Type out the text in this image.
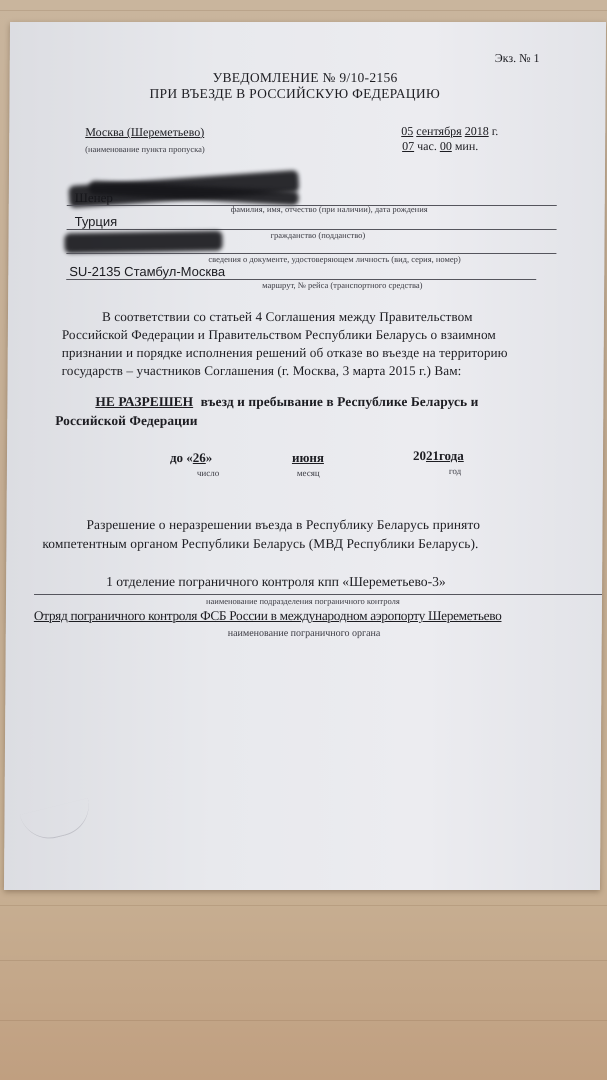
Экз. № 1
УВЕДОМЛЕНИЕ № 9/10-2156
ПРИ ВЪЕЗДЕ В РОССИЙСКУЮ ФЕДЕРАЦИЮ
Москва (Шереметьево)
(наименование пункта пропуска)
05 сентября 2018 г.
07 час. 00 мин.
фамилия, имя, отчество (при наличии), дата рождения
Турция
гражданство (подданство)
сведения о документе, удостоверяющем личность (вид, серия, номер)
SU-2135 Стамбул-Москва
маршрут, № рейса (транспортного средства)
В соответствии со статьей 4 Соглашения между Правительством
Российской Федерации и Правительством Республики Беларусь о взаимном
признании и порядке исполнения решений об отказе во въезде на территорию
государств – участников Соглашения (г. Москва, 3 марта 2015 г.) Вам:
НЕ РАЗРЕШЕН въезд и пребывание в Республике Беларусь и
Российской Федерации
до «26»
число
июня
месяц
2021года
год
Разрешение о неразрешении въезда в Республику Беларусь принято
компетентным органом Республики Беларусь (МВД Республики Беларусь).
1 отделение пограничного контроля кпп «Шереметьево-3»
наименование подразделения пограничного контроля
Отряд пограничного контроля ФСБ России в международном аэропорту Шереметьево
наименование пограничного органа
